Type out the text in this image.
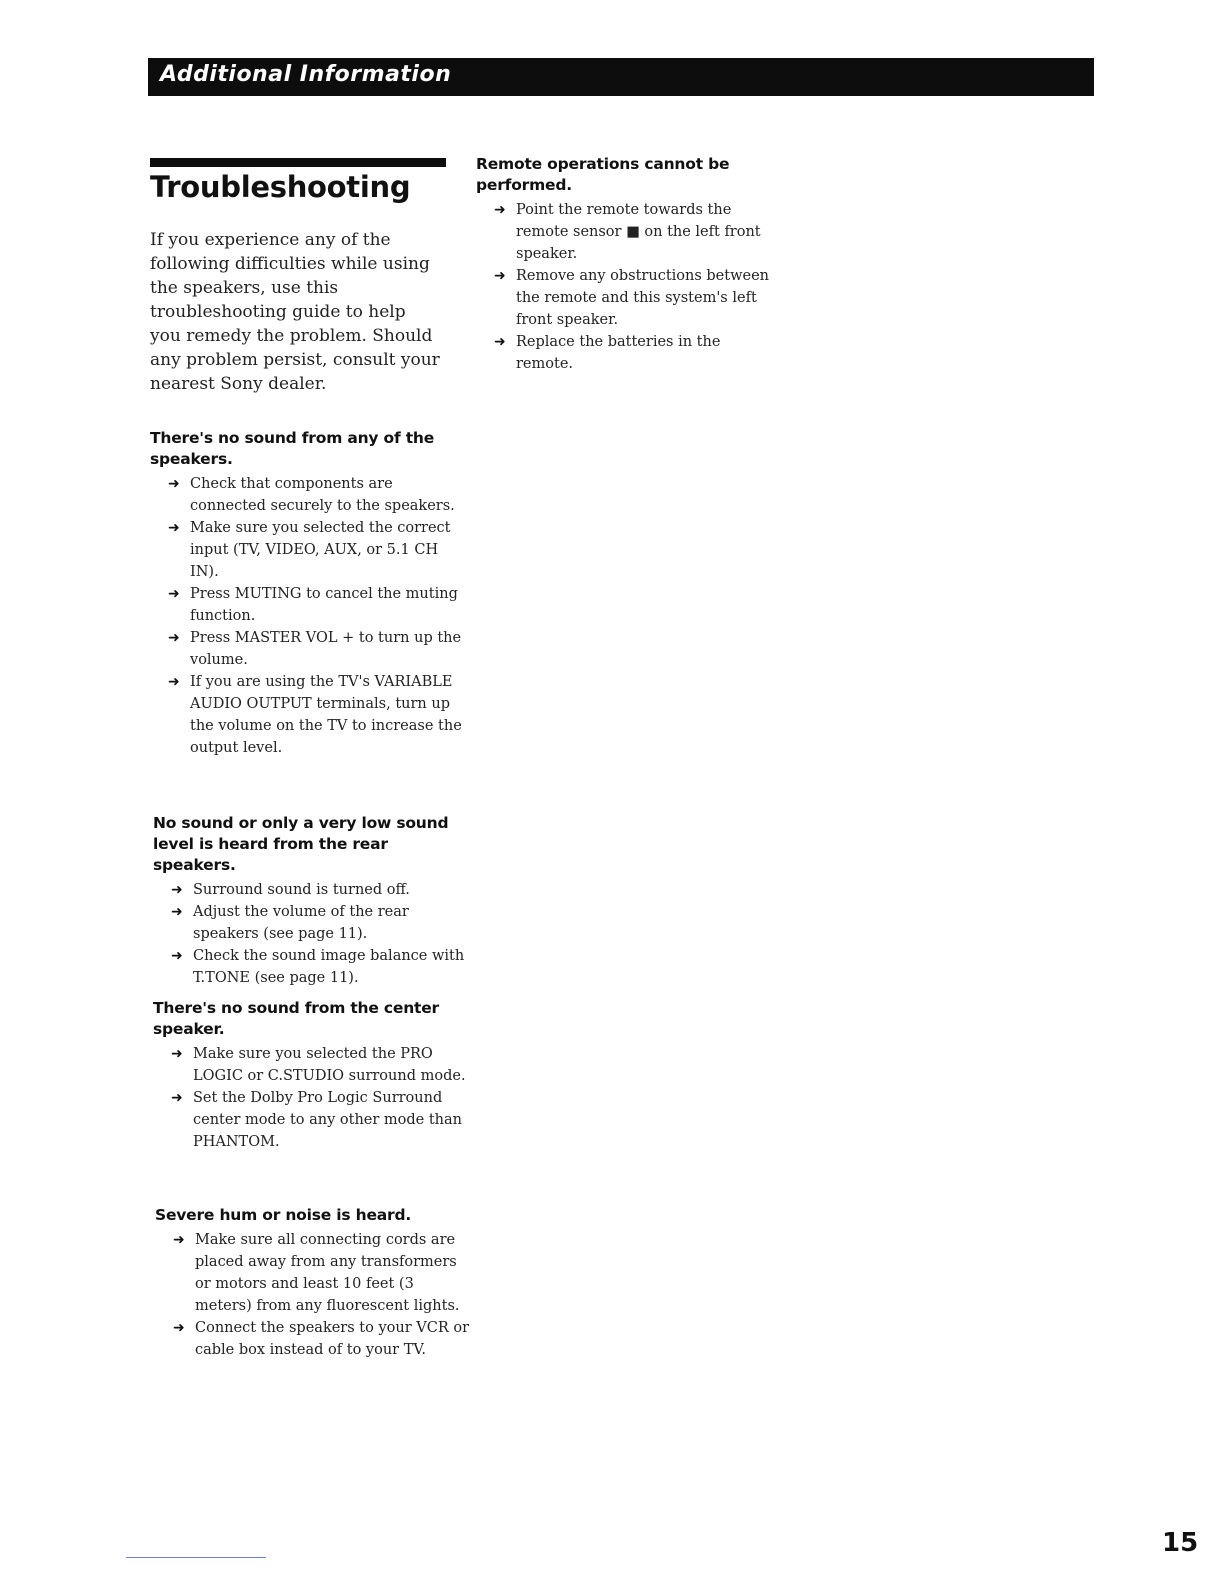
Additional Information
Troubleshooting

If you experience any of the following difficulties while using the speakers, use this troubleshooting guide to help you remedy the problem. Should any problem persist, consult your nearest Sony dealer.

There's no sound from any of the speakers.
➜ Check that components are connected securely to the speakers.
➜ Make sure you selected the correct input (TV, VIDEO, AUX, or 5.1 CH IN).
➜ Press MUTING to cancel the muting function.
➜ Press MASTER VOL + to turn up the volume.
➜ If you are using the TV's VARIABLE AUDIO OUTPUT terminals, turn up the volume on the TV to increase the output level.
No sound or only a very low sound level is heard from the rear speakers.
➜ Surround sound is turned off.
➜ Adjust the volume of the rear speakers (see page 11).
➜ Check the sound image balance with T.TONE (see page 11).
There's no sound from the center speaker.
➜ Make sure you selected the PRO LOGIC or C.STUDIO surround mode.
➜ Set the Dolby Pro Logic Surround center mode to any other mode than PHANTOM.
Severe hum or noise is heard.
➜ Make sure all connecting cords are placed away from any transformers or motors and least 10 feet (3 meters) from any fluorescent lights.
➜ Connect the speakers to your VCR or cable box instead of to your TV.
Remote operations cannot be performed.
➜ Point the remote towards the remote sensor ■ on the left front speaker.
➜ Remove any obstructions between the remote and this system's left front speaker.
➜ Replace the batteries in the remote.
15
